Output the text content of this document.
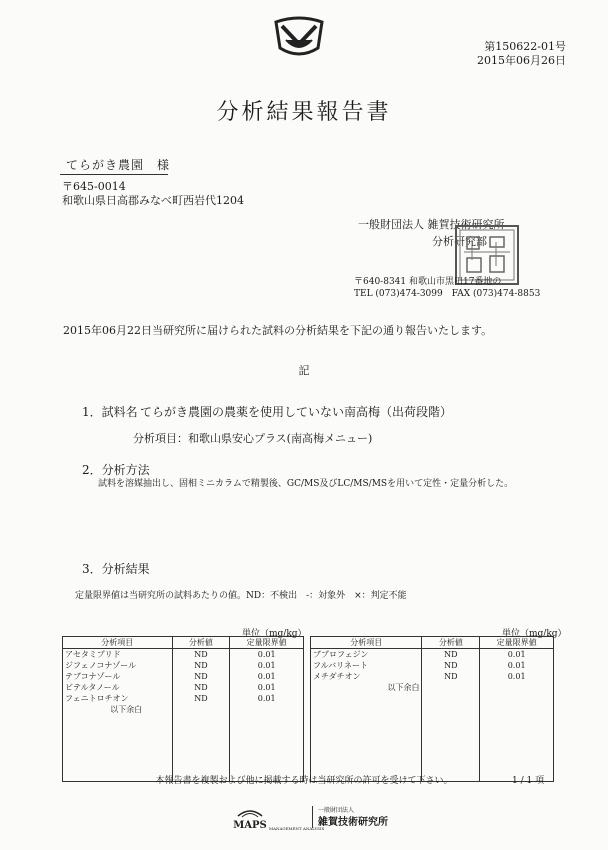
第150622-01号
2015年06月26日
分析結果報告書
てらがき農園　様
〒645-0014
和歌山県日高郡みなべ町西岩代1204
一般財団法人 雑賀技術研究所
分析研究部
〒640-8341 和歌山市黒田17番地の
TEL (073)474-3099　FAX (073)474-8853
2015年06月22日当研究所に届けられた試料の分析結果を下記の通り報告いたします。
記
1．試料名 てらがき農園の農薬を使用していない南高梅（出荷段階）
分析項目：和歌山県安心プラス(南高梅メニュー)
2．分析方法
試料を溶媒抽出し、固相ミニカラムで精製後、GC/MS及びLC/MS/MSを用いて定性・定量分析した。
3．分析結果
定量限界値は当研究所の試料あたりの値。ND：不検出　-：対象外　×：判定不能
単位（mg/kg）	単位（mg/kg）
分析項目	分析値	定量限界値
アセタミプリド	ND	0.01
ジフェノコナゾール	ND	0.01
テブコナゾール	ND	0.01
ビテルタノール	ND	0.01
フェニトロチオン	ND	0.01
以下余白		

分析項目	分析値	定量限界値
ブプロフェジン	ND	0.01
フルバリネート	ND	0.01
メチダチオン	ND	0.01
以下余白		

本報告書を複製および他に掲載する時は当研究所の許可を受けて下さい。	1 / 1 項
MAPS MANAGEMENT ANALYSIS
一般財団法人
雑賀技術研究所
